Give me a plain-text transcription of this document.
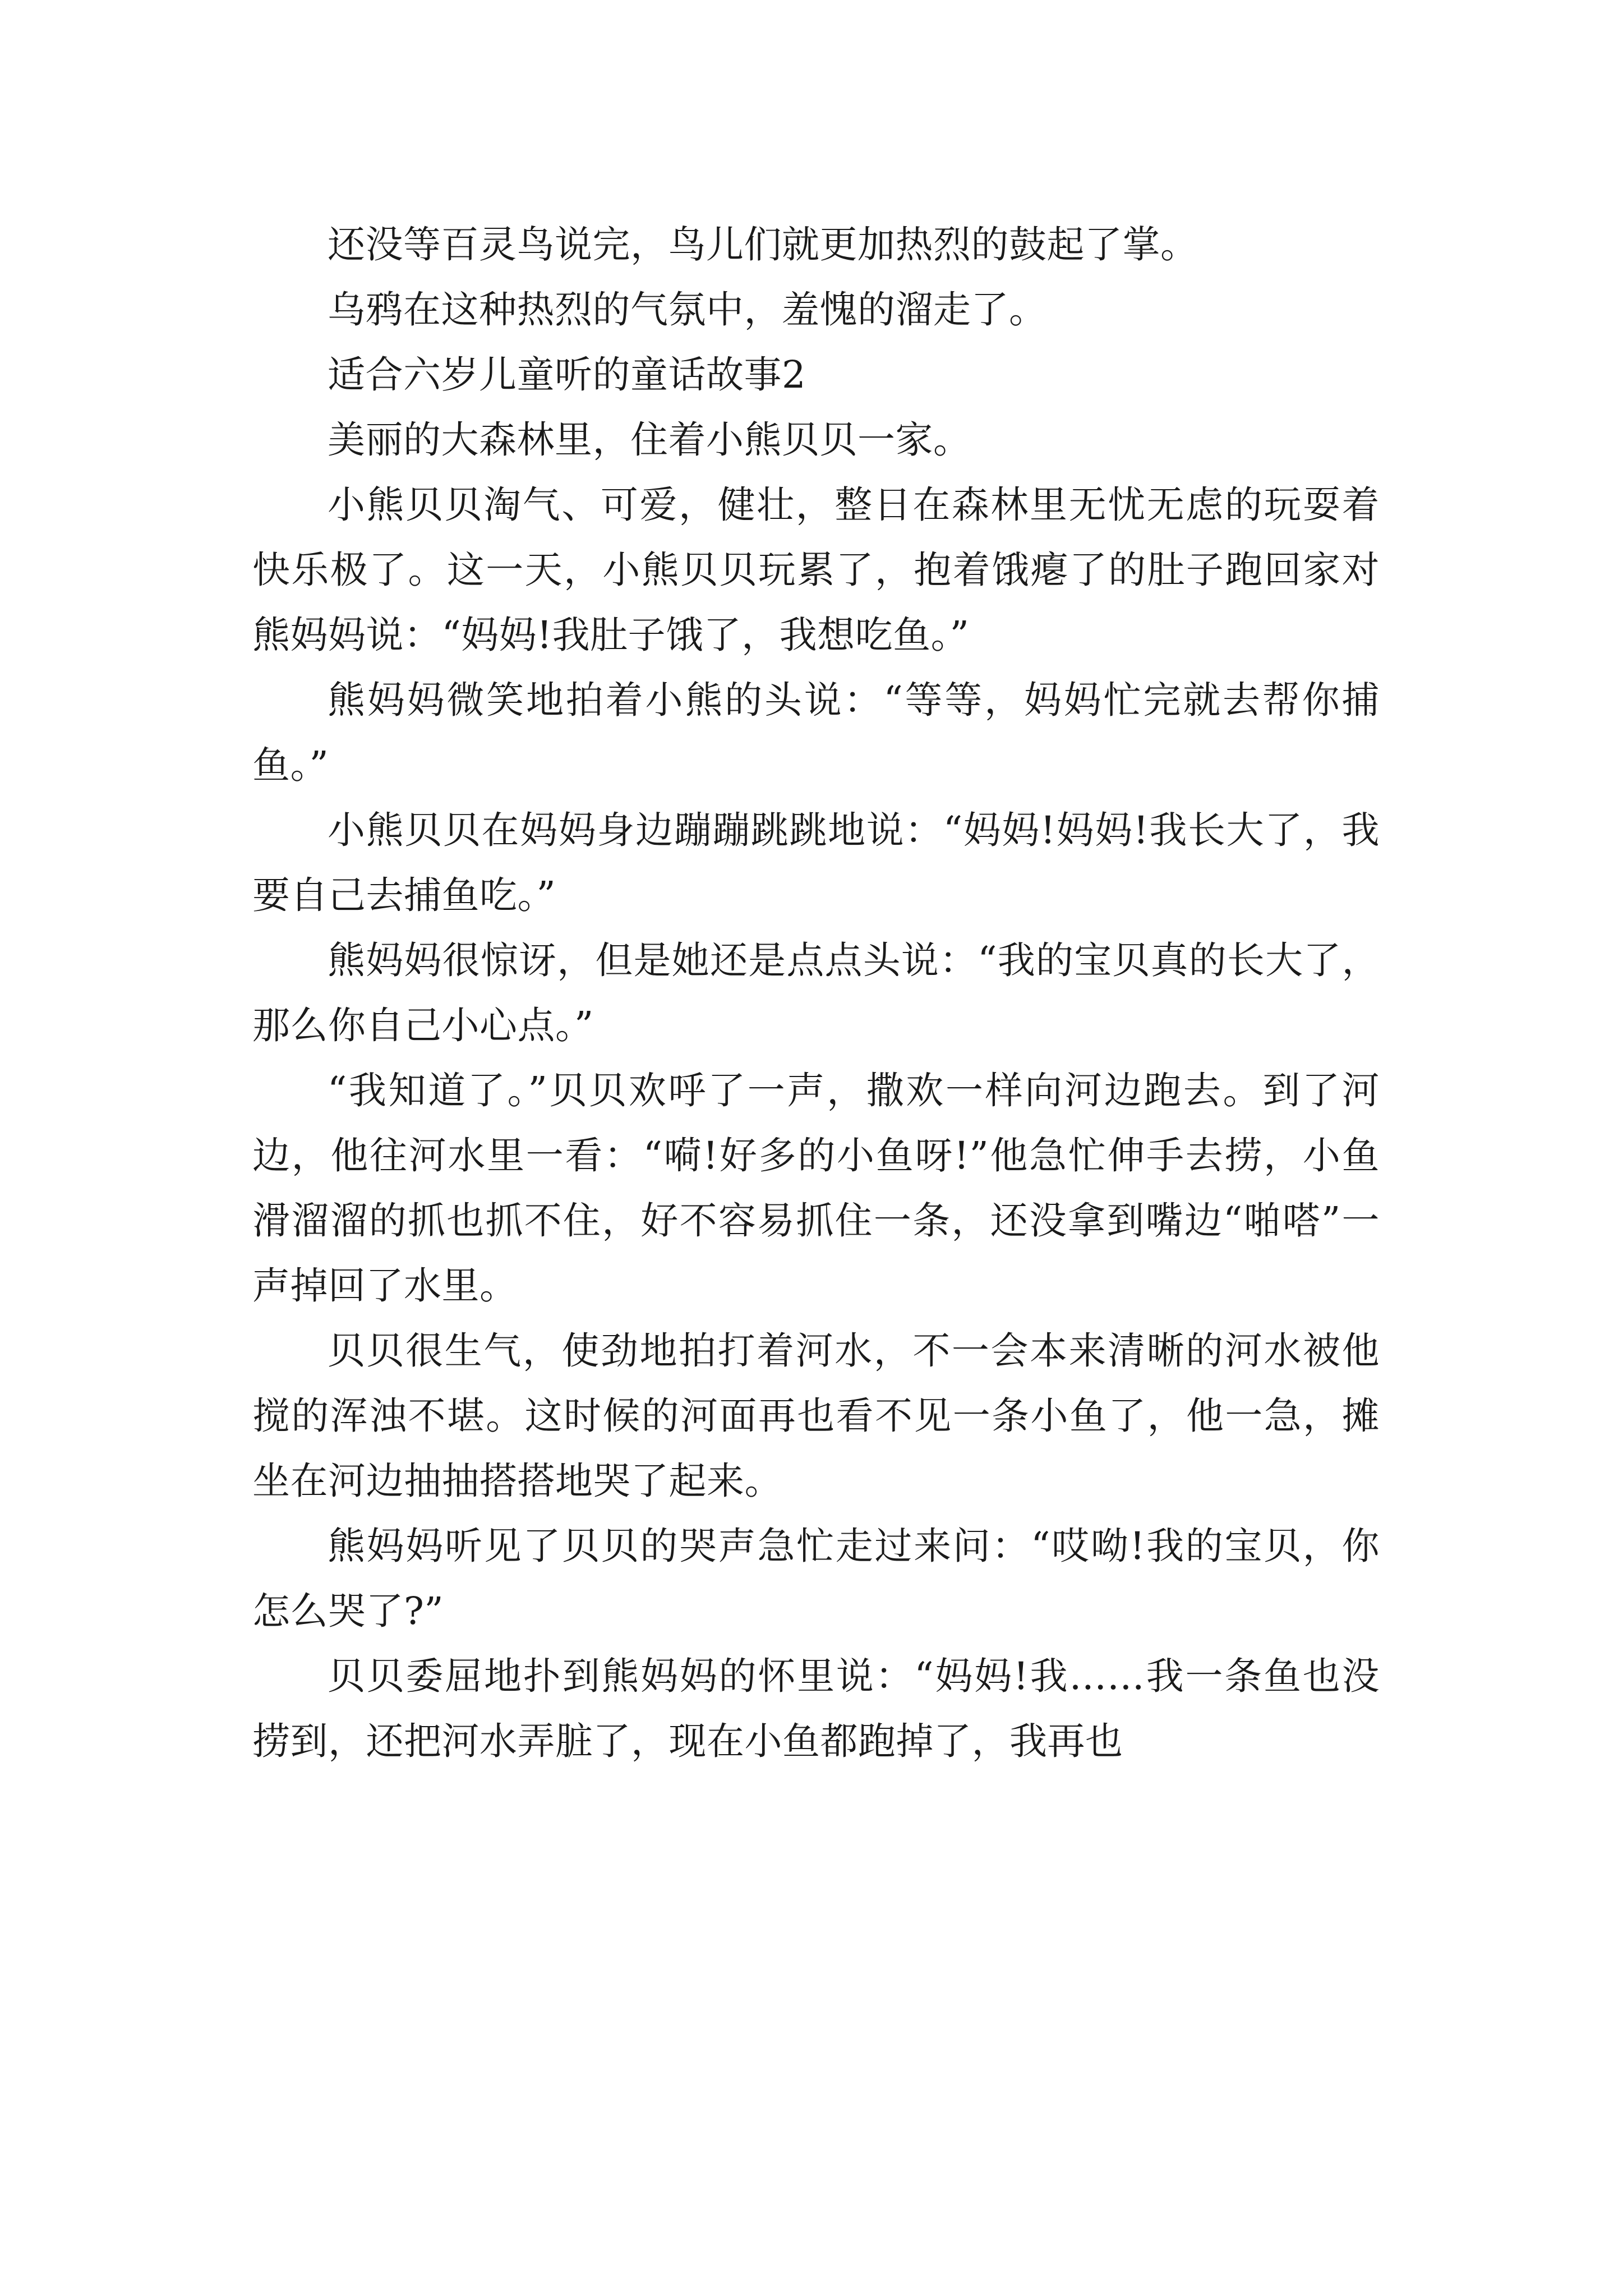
还没等百灵鸟说完，鸟儿们就更加热烈的鼓起了掌。

乌鸦在这种热烈的气氛中，羞愧的溜走了。

适合六岁儿童听的童话故事2

美丽的大森林里，住着小熊贝贝一家。

小熊贝贝淘气、可爱，健壮，整日在森林里无忧无虑的玩耍着快乐极了。这一天，小熊贝贝玩累了，抱着饿瘪了的肚子跑回家对熊妈妈说：“妈妈!我肚子饿了，我想吃鱼。”

熊妈妈微笑地拍着小熊的头说：“等等，妈妈忙完就去帮你捕鱼。”

小熊贝贝在妈妈身边蹦蹦跳跳地说：“妈妈!妈妈!我长大了，我要自己去捕鱼吃。”

熊妈妈很惊讶，但是她还是点点头说：“我的宝贝真的长大了，那么你自己小心点。”

“我知道了。”贝贝欢呼了一声，撒欢一样向河边跑去。到了河边，他往河水里一看：“嗬!好多的小鱼呀!”他急忙伸手去捞，小鱼滑溜溜的抓也抓不住，好不容易抓住一条，还没拿到嘴边“啪嗒”一声掉回了水里。

贝贝很生气，使劲地拍打着河水，不一会本来清晰的河水被他搅的浑浊不堪。这时候的河面再也看不见一条小鱼了，他一急，摊坐在河边抽抽搭搭地哭了起来。

熊妈妈听见了贝贝的哭声急忙走过来问：“哎呦!我的宝贝，你怎么哭了?”

贝贝委屈地扑到熊妈妈的怀里说：“妈妈!我……我一条鱼也没捞到，还把河水弄脏了，现在小鱼都跑掉了，我再也
